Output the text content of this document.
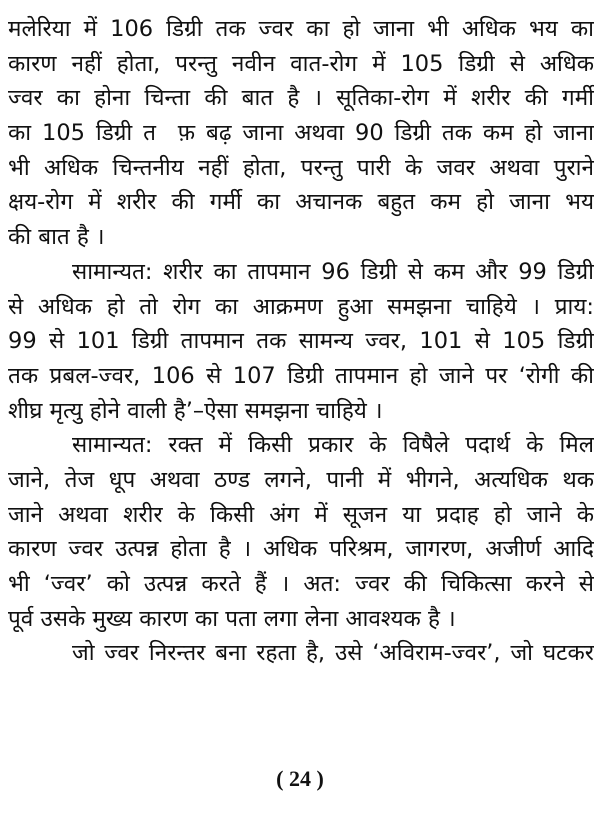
मलेरिया में 106 डिग्री तक ज्वर का हो जाना भी अधिक भय का
कारण नहीं होता, परन्तु नवीन वात-रोग में 105 डिग्री से अधिक
ज्वर का होना चिन्ता की बात है । सूतिका-रोग में शरीर की गर्मी
का 105 डिग्री त ‍ फ़ बढ़ जाना अथवा 90 डिग्री तक कम हो जाना
भी अधिक चिन्तनीय नहीं होता, परन्तु पारी के जवर अथवा पुराने
क्षय-रोग में शरीर की गर्मी का अचानक बहुत कम हो जाना भय
की बात है ।
सामान्यत: शरीर का तापमान 96 डिग्री से कम और 99 डिग्री
से अधिक हो तो रोग का आक्रमण हुआ समझना चाहिये । प्राय:
99 से 101 डिग्री तापमान तक सामन्य ज्वर, 101 से 105 डिग्री
तक प्रबल-ज्वर, 106 से 107 डिग्री तापमान हो जाने पर ‘रोगी की
शीघ्र मृत्यु होने वाली है’–ऐसा समझना चाहिये ।
सामान्यत: रक्त में किसी प्रकार के विषैले पदार्थ के मिल
जाने, तेज धूप अथवा ठण्ड लगने, पानी में भीगने, अत्यधिक थक
जाने अथवा शरीर के किसी अंग में सूजन या प्रदाह हो जाने के
कारण ज्वर उत्पन्न होता है । अधिक परिश्रम, जागरण, अजीर्ण आदि
भी ‘ज्वर’ को उत्पन्न करते हैं । अत: ज्वर की चिकित्सा करने से
पूर्व उसके मुख्य कारण का पता लगा लेना आवश्यक है ।
जो ज्वर निरन्तर बना रहता है, उसे ‘अविराम-ज्वर’, जो घटकर
( 24 )
